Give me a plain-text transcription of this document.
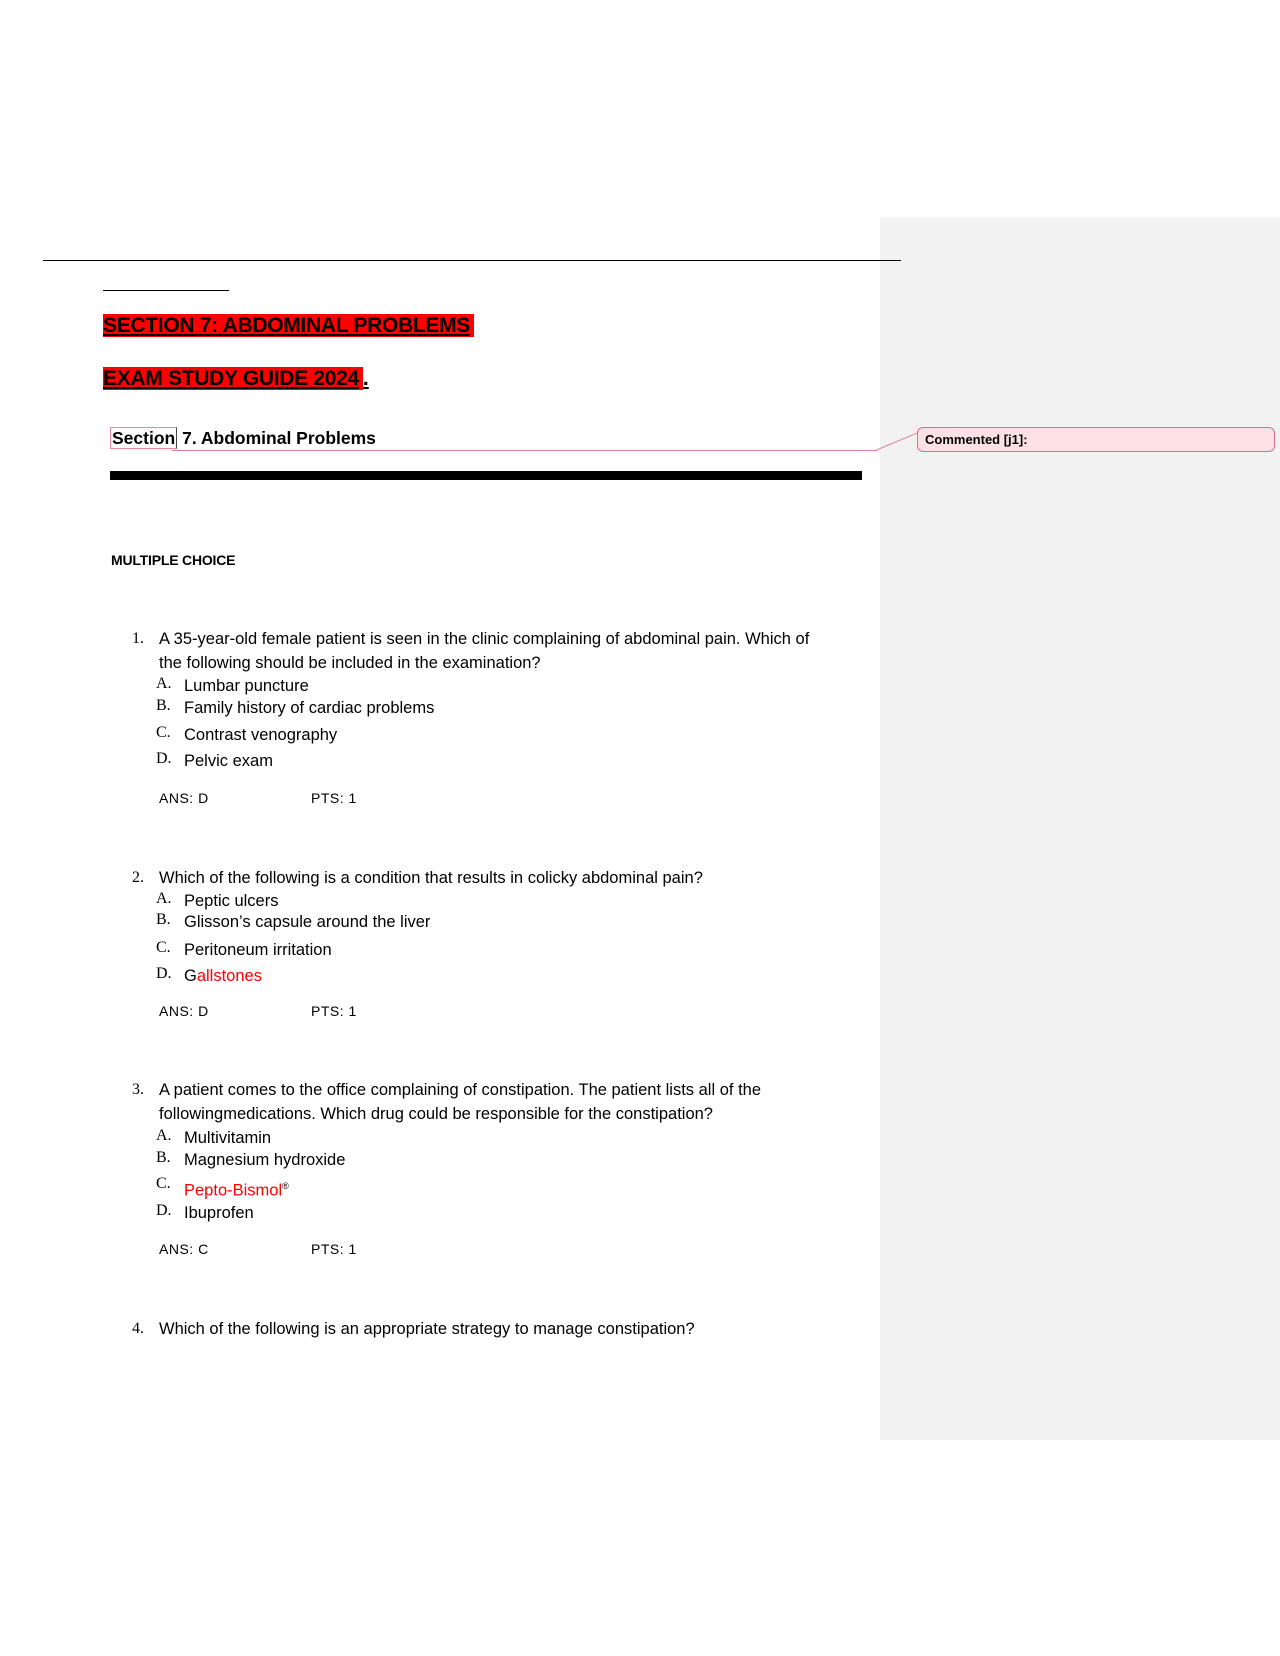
SECTION 7: ABDOMINAL PROBLEMS
EXAM STUDY GUIDE 2024 .
Section 7. Abdominal Problems	Commented [j1]:
MULTIPLE CHOICE
1. A 35-year-old female patient is seen in the clinic complaining of abdominal pain. Which of
the following should be included in the examination?
A. Lumbar puncture
B. Family history of cardiac problems
C. Contrast venography
D. Pelvic exam
ANS: D	PTS: 1
2. Which of the following is a condition that results in colicky abdominal pain?
A. Peptic ulcers
B. Glisson’s capsule around the liver
C. Peritoneum irritation
D. Gallstones
ANS: D	PTS: 1
3. A patient comes to the office complaining of constipation. The patient lists all of the
followingmedications. Which drug could be responsible for the constipation?
A. Multivitamin
B. Magnesium hydroxide
C. Pepto-Bismol®
D. Ibuprofen
ANS: C	PTS: 1
4. Which of the following is an appropriate strategy to manage constipation?
